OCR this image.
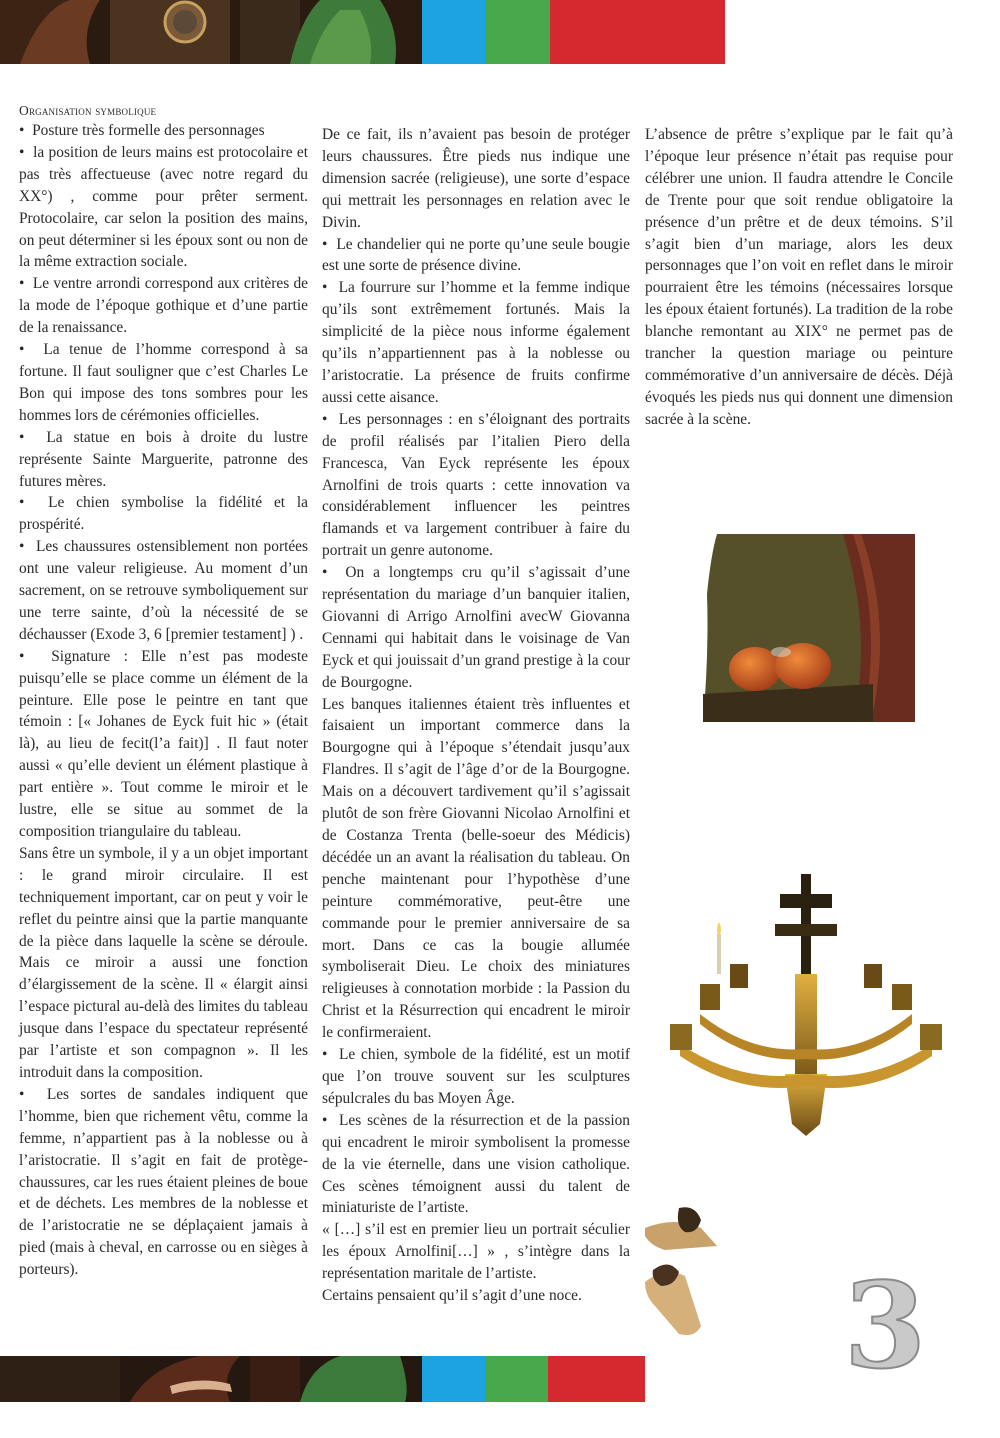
Organisation symbolique

•  Posture très formelle des personnages

•  la position de leurs mains est protocolaire et pas très affectueuse (avec notre regard du XX°) , comme pour prêter serment. Protocolaire, car selon la position des mains, on peut déterminer si les époux sont ou non de la même extraction sociale.

•  Le ventre arrondi correspond aux critères de la mode de l’époque gothique et d’une partie de la renaissance.

•  La tenue de l’homme correspond à sa fortune. Il faut souligner que c’est Charles Le Bon qui impose des tons sombres pour les hommes lors de cérémonies officielles.

•  La statue en bois à droite du lustre représente Sainte Marguerite, patronne des futures mères.

•  Le chien symbolise la fidélité et la prospérité.

•  Les chaussures ostensiblement non portées ont une valeur religieuse. Au moment d’un sacrement, on se retrouve symboliquement sur une terre sainte, d’où la nécessité de se déchausser (Exode 3, 6 [premier testament] ) .

•  Signature : Elle n’est pas modeste puisqu’elle se place comme un élément de la peinture. Elle pose le peintre en tant que témoin : [« Johanes de Eyck fuit hic » (était là), au lieu de fecit(l’a fait)] . Il faut noter aussi « qu’elle devient un élément plastique à part entière ». Tout comme le miroir et le lustre, elle se situe au sommet de la composition triangulaire du tableau.

Sans être un symbole, il y a un objet important : le grand miroir circulaire. Il est techniquement important, car on peut y voir le reflet du peintre ainsi que la partie manquante de la pièce dans laquelle la scène se déroule. Mais ce miroir a aussi une fonction d’élargissement de la scène. Il « élargit ainsi l’espace pictural au-delà des limites du tableau jusque dans l’espace du spectateur représenté par l’artiste et son compagnon ». Il les introduit dans la composition.

•  Les sortes de sandales indiquent que l’homme, bien que richement vêtu, comme la femme, n’appartient pas à la noblesse ou à l’aristocratie. Il s’agit en fait de protège-chaussures, car les rues étaient pleines de boue et de déchets. Les membres de la noblesse et de l’aristocratie ne se déplaçaient jamais à pied (mais à cheval, en carrosse ou en sièges à porteurs).

De ce fait, ils n’avaient pas besoin de protéger leurs chaussures. Être pieds nus indique une dimension sacrée (religieuse), une sorte d’espace qui mettrait les personnages en relation avec le Divin.

•  Le chandelier qui ne porte qu’une seule bougie est une sorte de présence divine.

•  La fourrure sur l’homme et la femme indique qu’ils sont extrêmement fortunés. Mais la simplicité de la pièce nous informe également qu’ils n’appartiennent pas à la noblesse ou l’aristocratie. La présence de fruits confirme aussi cette aisance.

•  Les personnages : en s’éloignant des portraits de profil réalisés par l’italien Piero della Francesca, Van Eyck représente les époux Arnolfini de trois quarts : cette innovation va considérablement influencer les peintres flamands et va largement contribuer à faire du portrait un genre autonome.

•  On a longtemps cru qu’il s’agissait d’une représentation du mariage d’un banquier italien, Giovanni di Arrigo Arnolfini avecW Giovanna Cennami qui habitait dans le voisinage de Van Eyck et qui jouissait d’un grand prestige à la cour de Bourgogne.

Les banques italiennes étaient très influentes et faisaient un important commerce dans la Bourgogne qui à l’époque s’étendait jusqu’aux Flandres. Il s’agit de l’âge d’or de la Bourgogne. Mais on a découvert tardivement qu’il s’agissait plutôt de son frère Giovanni Nicolao Arnolfini et de Costanza Trenta (belle-soeur des Médicis) décédée un an avant la réalisation du tableau. On penche maintenant pour l’hypothèse d’une peinture commémorative, peut-être une commande pour le premier anniversaire de sa mort. Dans ce cas la bougie allumée symboliserait Dieu. Le choix des miniatures religieuses à connotation morbide : la Passion du Christ et la Résurrection qui encadrent le miroir le confirmeraient.

•  Le chien, symbole de la fidélité, est un motif que l’on trouve souvent sur les sculptures sépulcrales du bas Moyen Âge.

•  Les scènes de la résurrection et de la passion qui encadrent le miroir symbolisent la promesse de la vie éternelle, dans une vision catholique. Ces scènes témoignent aussi du talent de miniaturiste de l’artiste.

« […] s’il est en premier lieu un portrait séculier les époux Arnolfini[…] » , s’intègre dans la représentation maritale de l’artiste.

Certains pensaient qu’il s’agit d’une noce.

L’absence de prêtre s’explique par le fait qu’à l’époque leur présence n’était pas requise pour célébrer une union. Il faudra attendre le Concile de Trente pour que soit rendue obligatoire la présence d’un prêtre et de deux témoins. S’il s’agit bien d’un mariage, alors les deux personnages que l’on voit en reflet dans le miroir pourraient être les témoins (nécessaires lorsque les époux étaient fortunés). La tradition de la robe blanche remontant au XIX° ne permet pas de trancher la question mariage ou peinture commémorative d’un anniversaire de décès. Déjà évoqués les pieds nus qui donnent une dimension sacrée à la scène.

3
